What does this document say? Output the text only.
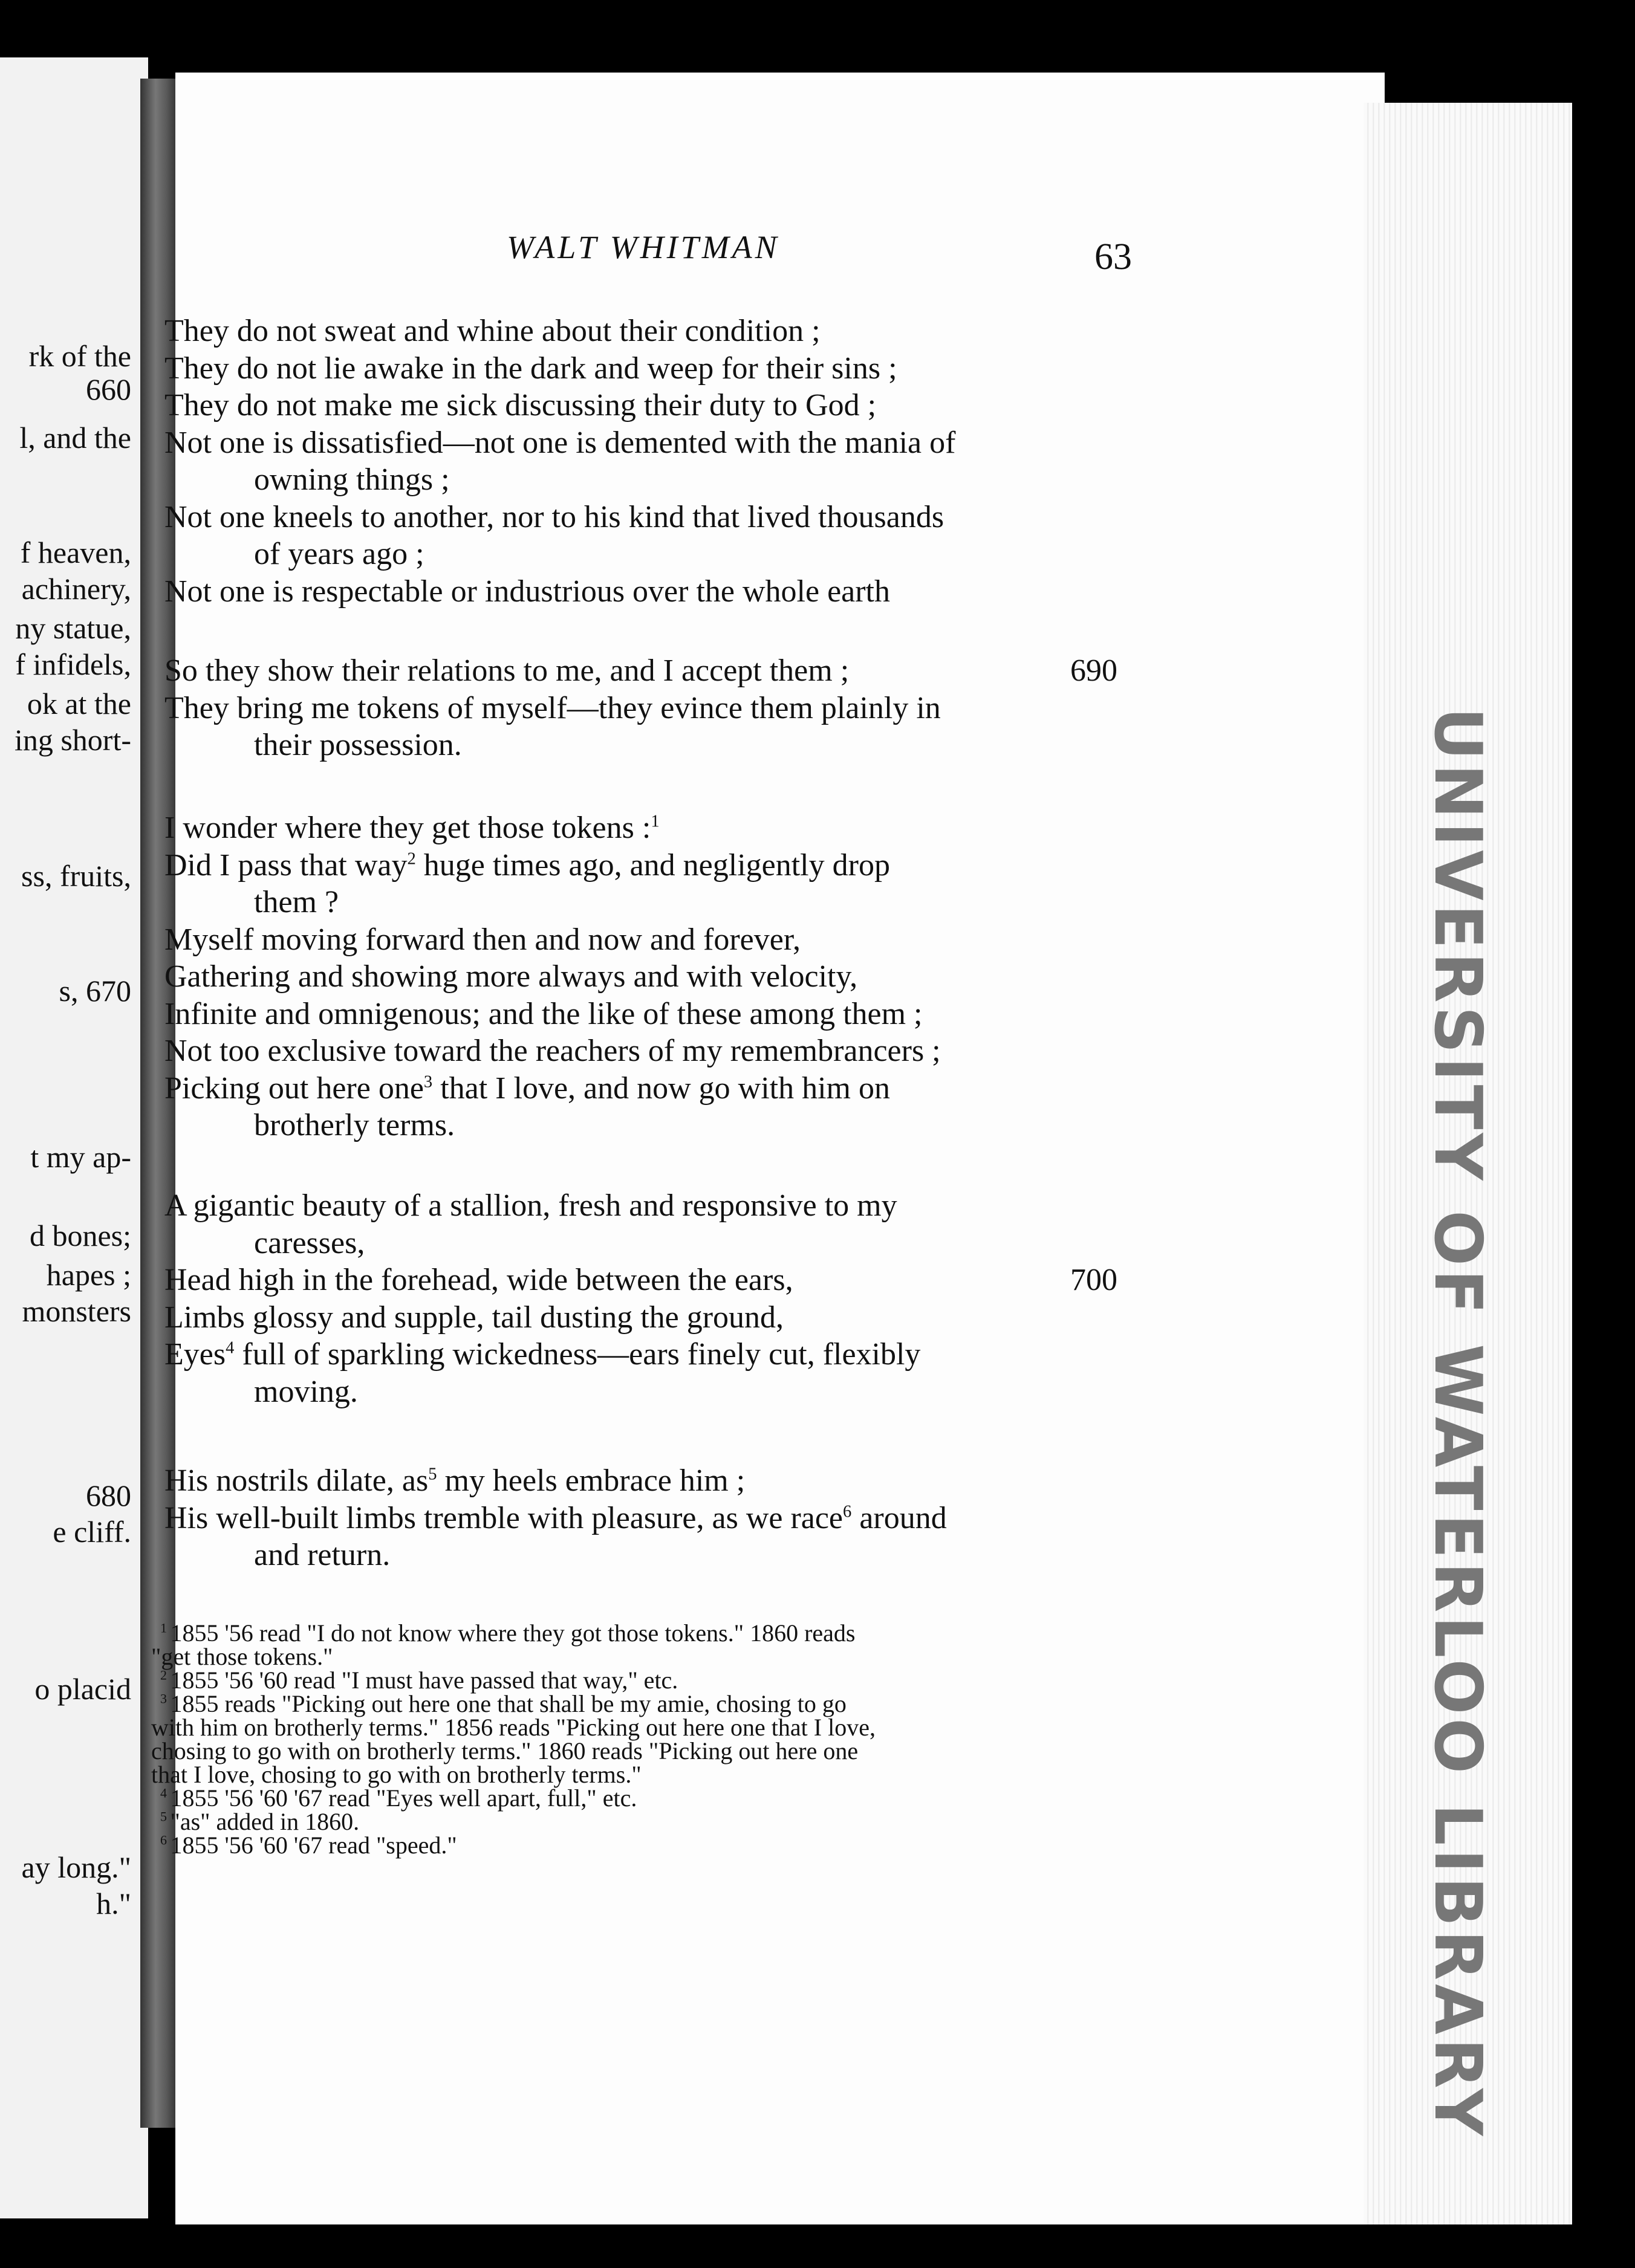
rk of the
660
l, and the
f heaven,
achinery,
ny statue,
f infidels,
ok at the
ing short-
ss, fruits,
s, 670
t my ap-
d bones;
hapes ;
monsters
680
e cliff.
o placid
ay long."
h."	UNIVERSITY OF WATERLOO LIBRARY
WALT WHITMAN	63
They do not sweat and whine about their condition ;
They do not lie awake in the dark and weep for their sins ;
They do not make me sick discussing their duty to God ;
Not one is dissatisfied—not one is demented with the mania of
owning things ;
Not one kneels to another, nor to his kind that lived thousands
of years ago ;
Not one is respectable or industrious over the whole earth
So they show their relations to me, and I accept them ;	690
They bring me tokens of myself—they evince them plainly in
their possession.
I wonder where they get those tokens :$^1$
Did I pass that way$^2$ huge times ago, and negligently drop
them ?
Myself moving forward then and now and forever,
Gathering and showing more always and with velocity,
Infinite and omnigenous; and the like of these among them ;
Not too exclusive toward the reachers of my remembrancers ;
Picking out here one$^3$ that I love, and now go with him on
brotherly terms.
A gigantic beauty of a stallion, fresh and responsive to my
caresses,
Head high in the forehead, wide between the ears,	700
Limbs glossy and supple, tail dusting the ground,
Eyes$^4$ full of sparkling wickedness—ears finely cut, flexibly
moving.
His nostrils dilate, $as^5$ my heels embrace him ;
His well-built limbs tremble with pleasure, as we race$^6$ around
and return.
$^1$ 1855 '56 read "I do not know where they got those tokens." 1860 reads
"get those tokens."
$^2$ 1855 '56 '60 read "I must have passed that way," etc.
$^3$ 1855 reads "Picking out here one that shall be my amie, chosing to go
with him on brotherly terms." 1856 reads "Picking out here one that I love,
chosing to go with on brotherly terms." 1860 reads "Picking out here one
that I love, chosing to go with on brotherly terms."
$^4$ 1855 '56 '60 '67 read "Eyes well apart, full," etc.
$^5$ "as" added in 1860.
$^6$ 1855 '56 '60 '67 read "speed."
